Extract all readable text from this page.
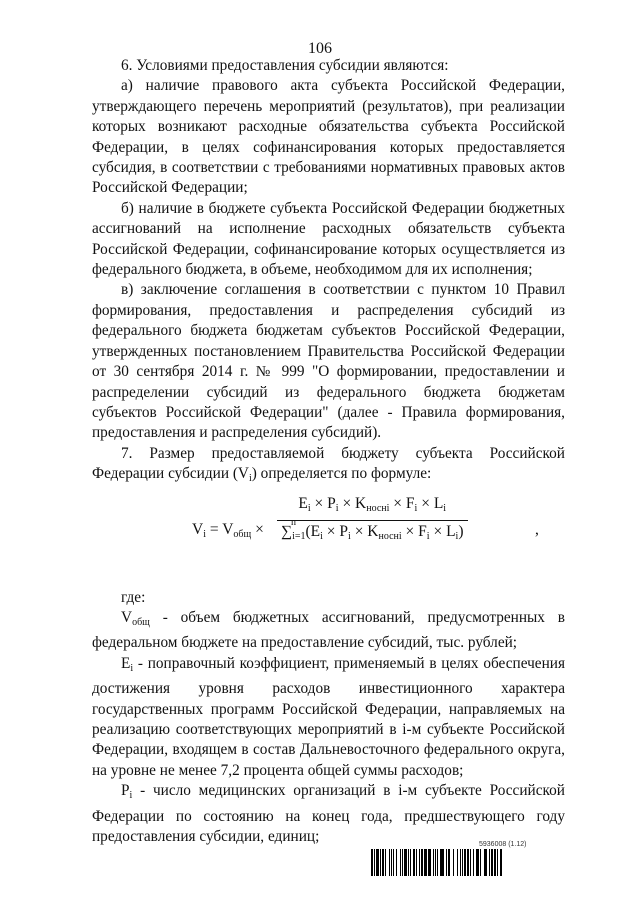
106

6. Условиями предоставления субсидии являются:

а) наличие правового акта субъекта Российской Федерации, утверждающего перечень мероприятий (результатов), при реализации которых возникают расходные обязательства субъекта Российской Федерации, в целях софинансирования которых предоставляется субсидия, в соответствии с требованиями нормативных правовых актов Российской Федерации;

б) наличие в бюджете субъекта Российской Федерации бюджетных ассигнований на исполнение расходных обязательств субъекта Российской Федерации, софинансирование которых осуществляется из федерального бюджета, в объеме, необходимом для их исполнения;

в) заключение соглашения в соответствии с пунктом 10 Правил формирования, предоставления и распределения субсидий из федерального бюджета бюджетам субъектов Российской Федерации, утвержденных постановлением Правительства Российской Федерации от 30 сентября 2014 г. № 999 "О формировании, предоставлении и распределении субсидий из федерального бюджета бюджетам субъектов Российской Федерации" (далее - Правила формирования, предоставления и распределения субсидий).

7. Размер предоставляемой бюджету субъекта Российской Федерации субсидии $(V_i)$ определяется по формуле:

$V_i = V_{общ}$ ×
$E_i \times P_i \times K_{носнi} \times F_i \times L_i$
n
$\sum_{i=1}(E_i \times P_i \times K_{носнi} \times F_i \times L_i)$	,

где:

$V_{общ}$ - объем бюджетных ассигнований, предусмотренных в федеральном бюджете на предоставление субсидий, тыс. рублей;

$E_i$ - поправочный коэффициент, применяемый в целях обеспечения достижения уровня расходов инвестиционного характера государственных программ Российской Федерации, направляемых на реализацию соответствующих мероприятий в i-м субъекте Российской Федерации, входящем в состав Дальневосточного федерального округа, на уровне не менее 7,2 процента общей суммы расходов;

$P_i$ - число медицинских организаций в i-м субъекте Российской Федерации по состоянию на конец года, предшествующего году предоставления субсидии, единиц;	5936008 (1.12)
